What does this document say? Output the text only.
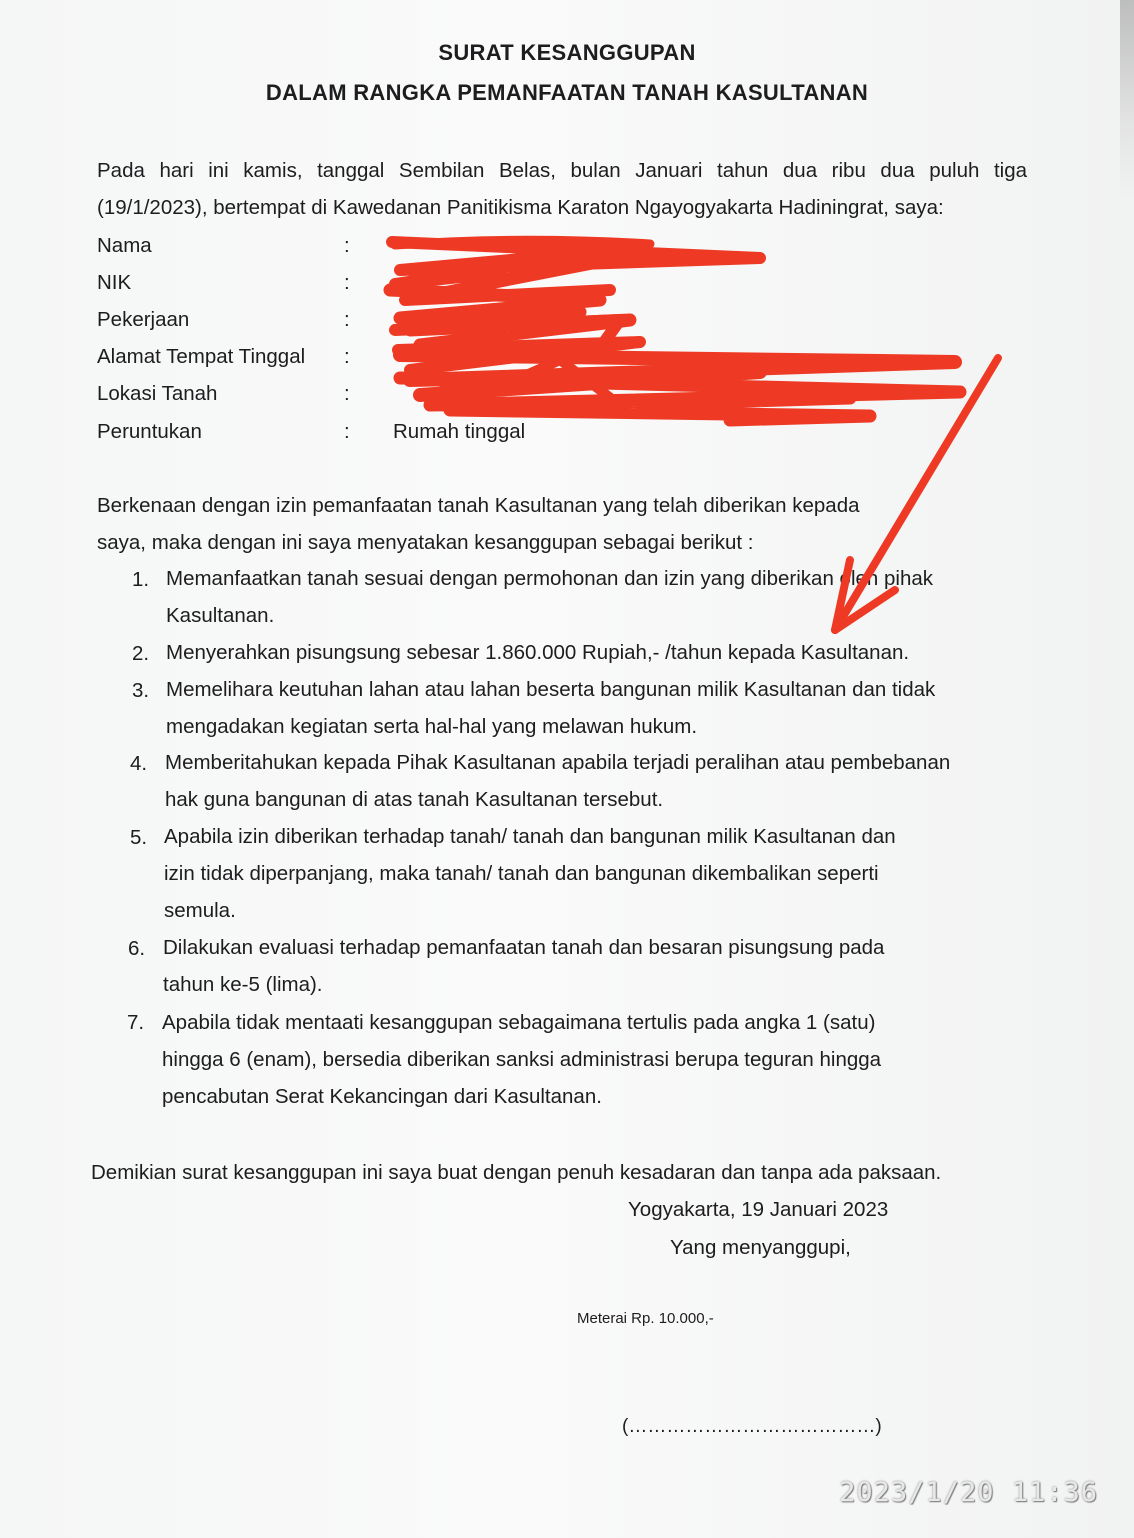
SURAT KESANGGUPAN
DALAM RANGKA PEMANFAATAN TANAH KASULTANAN
Pada hari ini kamis, tanggal Sembilan Belas, bulan Januari tahun dua ribu dua puluh tiga
(19/1/2023), bertempat di Kawedanan Panitikisma Karaton Ngayogyakarta Hadiningrat, saya:
Nama	:
NIK	:
Pekerjaan	:
Alamat Tempat Tinggal :
Lokasi Tanah	:
Peruntukan	: Rumah tinggal
Berkenaan dengan izin pemanfaatan tanah Kasultanan yang telah diberikan kepada
saya, maka dengan ini saya menyatakan kesanggupan sebagai berikut :
1. Memanfaatkan tanah sesuai dengan permohonan dan izin yang diberikan oleh pihak
Kasultanan.
2. Menyerahkan pisungsung sebesar 1.860.000 Rupiah,- /tahun kepada Kasultanan.
3. Memelihara keutuhan lahan atau lahan beserta bangunan milik Kasultanan dan tidak
mengadakan kegiatan serta hal-hal yang melawan hukum.
4. Memberitahukan kepada Pihak Kasultanan apabila terjadi peralihan atau pembebanan
hak guna bangunan di atas tanah Kasultanan tersebut.
5. Apabila izin diberikan terhadap tanah/ tanah dan bangunan milik Kasultanan dan
izin tidak diperpanjang, maka tanah/ tanah dan bangunan dikembalikan seperti
semula.
6. Dilakukan evaluasi terhadap pemanfaatan tanah dan besaran pisungsung pada
tahun ke-5 (lima).
7. Apabila tidak mentaati kesanggupan sebagaimana tertulis pada angka 1 (satu)
hingga 6 (enam), bersedia diberikan sanksi administrasi berupa teguran hingga
pencabutan Serat Kekancingan dari Kasultanan.
Demikian surat kesanggupan ini saya buat dengan penuh kesadaran dan tanpa ada paksaan.
Yogyakarta, 19 Januari 2023
Yang menyanggupi,
Meterai Rp. 10.000,-
(…………………………………)
2023/1/20 11:36
